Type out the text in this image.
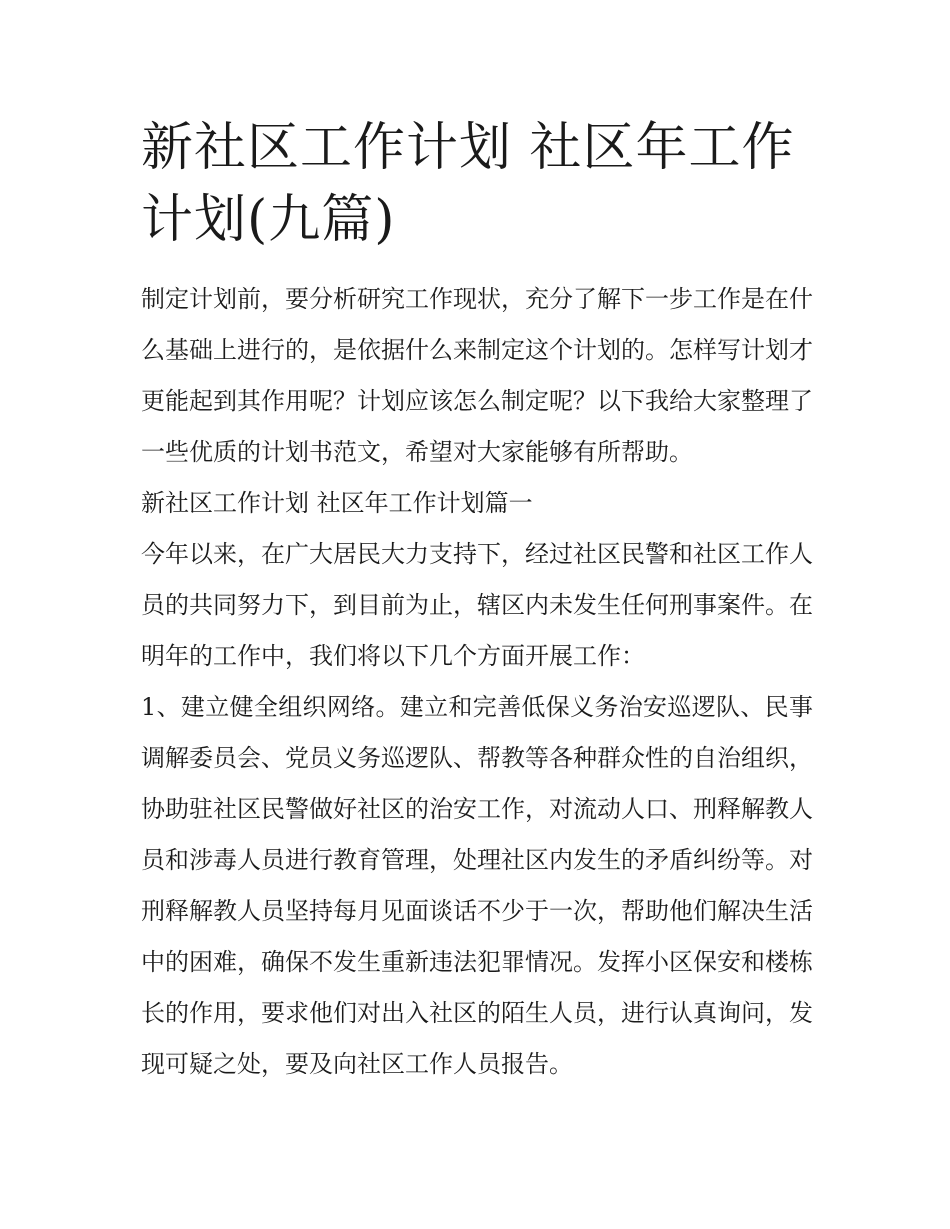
新社区工作计划 社区年工作计划(九篇)

制定计划前，要分析研究工作现状，充分了解下一步工作是在什么基础上进行的，是依据什么来制定这个计划的。怎样写计划才更能起到其作用呢？计划应该怎么制定呢？以下我给大家整理了一些优质的计划书范文，希望对大家能够有所帮助。

新社区工作计划 社区年工作计划篇一

今年以来，在广大居民大力支持下，经过社区民警和社区工作人员的共同努力下，到目前为止，辖区内未发生任何刑事案件。在明年的工作中，我们将以下几个方面开展工作：

1、建立健全组织网络。建立和完善低保义务治安巡逻队、民事调解委员会、党员义务巡逻队、帮教等各种群众性的自治组织，协助驻社区民警做好社区的治安工作，对流动人口、刑释解教人员和涉毒人员进行教育管理，处理社区内发生的矛盾纠纷等。对刑释解教人员坚持每月见面谈话不少于一次，帮助他们解决生活中的困难，确保不发生重新违法犯罪情况。发挥小区保安和楼栋长的作用，要求他们对出入社区的陌生人员，进行认真询问，发现可疑之处，要及向社区工作人员报告。
